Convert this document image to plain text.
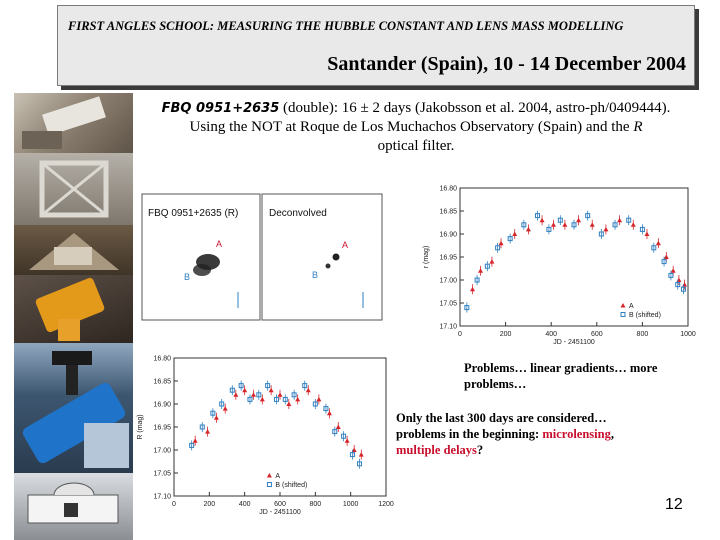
FIRST ANGLES SCHOOL: MEASURING THE HUBBLE CONSTANT AND LENS MASS MODELLING
Santander (Spain), 10 - 14 December 2004
FBQ 0951+2635 (double): 16 ± 2 days (Jakobsson et al. 2004, astro-ph/0409444).
Using the NOT at Roque de Los Muchachos Observatory (Spain) and the R
optical filter.
FBQ 0951+2635 (R)	Deconvolved
A
B
A
B
0	200	400	600	800	1000
16.80
16.85
16.90
16.95
17.00
17.05
17.10
JD - 2451100
r (mag)
A
B (shifted)
0	200	400	600	800	1000	1200
16.80
16.85
16.90
16.95
17.00
17.05
17.10
JD - 2451100
R (mag)
A
B (shifted)
Problems… linear gradients… more problems…
Only the last 300 days are considered…problems in the beginning: microlensing, multiple delays?
12
